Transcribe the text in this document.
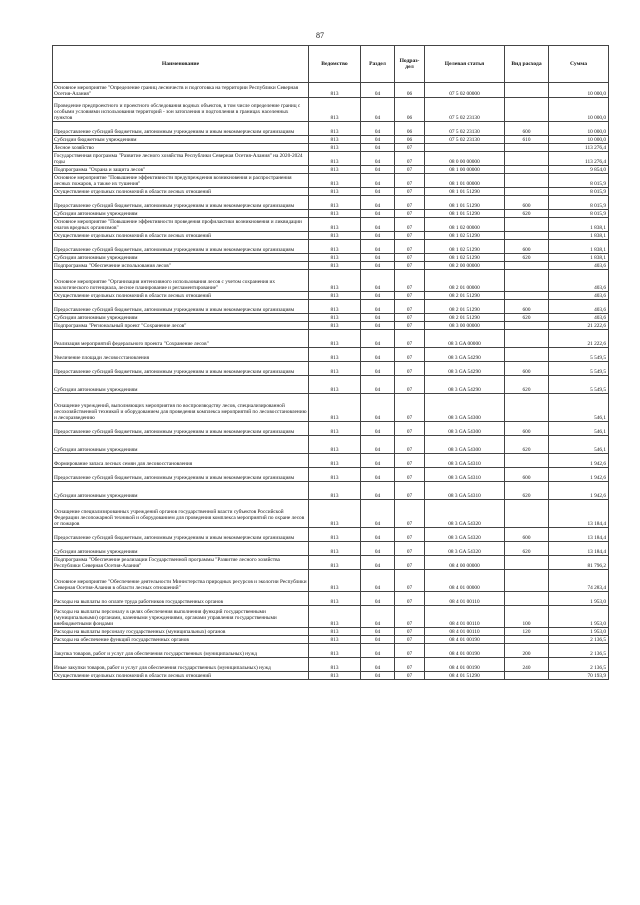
87
Наименование	Ведомство	Раздел	Подраз- дел	Целевая статья	Вид расхода	Сумма
Основное мероприятие "Определение границ лесничеств и подготовка на территории Республики Северная Осетия-Алания"	813	04	06	07 5 02 00000		10 000,0
Проведение предпроектного и проектного обследования водных объектов, в том числе определение границ с особыми условиями использования территорий - зон затопления и подтопления в границах населенных пунктов	813	04	06	07 5 02 23130		10 000,0
Предоставление субсидий бюджетным, автономным учреждениям и иным некоммерческим организациям	813	04	06	07 5 02 23130	600	10 000,0
Субсидии бюджетным учреждениям	813	04	06	07 5 02 23130	610	10 000,0
Лесное хозяйство	813	04	07			113 276,4
Государственная программа "Развитие лесного хозяйства Республики Северная Осетия-Алания" на 2020-2024 годы	813	04	07	08 0 00 00000		113 276,4
Подпрограмма "Охрана и защита лесов"	813	04	07	08 1 00 00000		9 854,0
Основное мероприятие "Повышение эффективности предупреждения возникновения и распространения лесных пожаров, а также их тушения"	813	04	07	08 1 01 00000		8 015,9
Осуществление отдельных полномочий в области лесных отношений	813	04	07	08 1 01 51290		8 015,9
Предоставление субсидий бюджетным, автономным учреждениям и иным некоммерческим организациям	813	04	07	08 1 01 51290	600	8 015,9
Субсидии автономным учреждениям	813	04	07	08 1 01 51290	620	8 015,9
Основное мероприятие "Повышение эффективности проведения профилактики возникновения и ликвидации очагов вредных организмов"	813	04	07	08 1 02 00000		1 838,1
Осуществление отдельных полномочий в области лесных отношений	813	04	07	08 1 02 51290		1 838,1
Предоставление субсидий бюджетным, автономным учреждениям и иным некоммерческим организациям	813	04	07	08 1 02 51290	600	1 838,1
Субсидии автономным учреждениям	813	04	07	08 1 02 51290	620	1 838,1
Подпрограмма "Обеспечение использования лесов"	813	04	07	08 2 00 00000		403,6
Основное мероприятие "Организация интенсивного использования лесов с учетом сохранения их экологического потенциала, лесное планирование и регламентирование"	813	04	07	08 2 01 00000		403,6
Осуществление отдельных полномочий в области лесных отношений	813	04	07	08 2 01 51290		403,6
Предоставление субсидий бюджетным, автономным учреждениям и иным некоммерческим организациям	813	04	07	08 2 01 51290	600	403,6
Субсидии автономным учреждениям	813	04	07	08 2 01 51290	620	403,6
Подпрограмма "Региональный проект "Сохранение лесов"	813	04	07	08 3 00 00000		21 222,6
Реализация мероприятий федерального проекта "Сохранение лесов"	813	04	07	08 3 GA 00000		21 222,6
Увеличение площади лесовосстановления	813	04	07	08 3 GA 54290		5 549,5
Предоставление субсидий бюджетным, автономным учреждениям и иным некоммерческим организациям	813	04	07	08 3 GA 54290	600	5 549,5
Субсидии автономным учреждениям	813	04	07	08 3 GA 54290	620	5 549,5
Оснащение учреждений, выполняющих мероприятия по воспроизводству лесов, специализированной лесохозяйственной техникой и оборудованием для проведения комплекса мероприятий по лесовосстановлению и лесоразведению	813	04	07	08 3 GA 54300		546,1
Предоставление субсидий бюджетным, автономным учреждениям и иным некоммерческим организациям	813	04	07	08 3 GA 54300	600	546,1
Субсидии автономным учреждениям	813	04	07	08 3 GA 54300	620	546,1
Формирование запаса лесных семян для лесовосстановления	813	04	07	08 3 GA 54310		1 942,6
Предоставление субсидий бюджетным, автономным учреждениям и иным некоммерческим организациям	813	04	07	08 3 GA 54310	600	1 942,6
Субсидии автономным учреждениям	813	04	07	08 3 GA 54310	620	1 942,6
Оснащение специализированных учреждений органов государственной власти субъектов Российской Федерации лесопожарной техникой и оборудованием для проведения комплекса мероприятий по охране лесов от пожаров	813	04	07	08 3 GA 54320		13 184,4
Предоставление субсидий бюджетным, автономным учреждениям и иным некоммерческим организациям	813	04	07	08 3 GA 54320	600	13 184,4
Субсидии автономным учреждениям	813	04	07	08 3 GA 54320	620	13 184,4
Подпрограмма "Обеспечение реализации Государственной программы "Развитие лесного хозяйства Республики Северная Осетия-Алания"	813	04	07	08 4 00 00000		81 796,2
Основное мероприятие "Обеспечение деятельности Министерства природных ресурсов и экологии Республики Северная Осетия-Алания в области лесных отношений"	813	04	07	08 4 01 00000		74 283,4
Расходы на выплаты по оплате труда работников государственных органов	813	04	07	08 4 01 00110		1 953,0
Расходы на выплаты персоналу в целях обеспечения выполнения функций государственными (муниципальными) органами, казенными учреждениями, органами управления государственными внебюджетными фондами	813	04	07	08 4 01 00110	100	1 953,0
Расходы на выплаты персоналу государственных (муниципальных) органов	813	04	07	08 4 01 00110	120	1 953,0
Расходы на обеспечение функций государственных органов	813	04	07	08 4 01 00190		2 136,5
Закупка товаров, работ и услуг для обеспечения государственных (муниципальных) нужд	813	04	07	08 4 01 00190	200	2 136,5
Иные закупки товаров, работ и услуг для обеспечения государственных (муниципальных) нужд	813	04	07	08 4 01 00190	240	2 136,5
Осуществление отдельных полномочий в области лесных отношений	813	04	07	08 4 01 51290		70 193,9
